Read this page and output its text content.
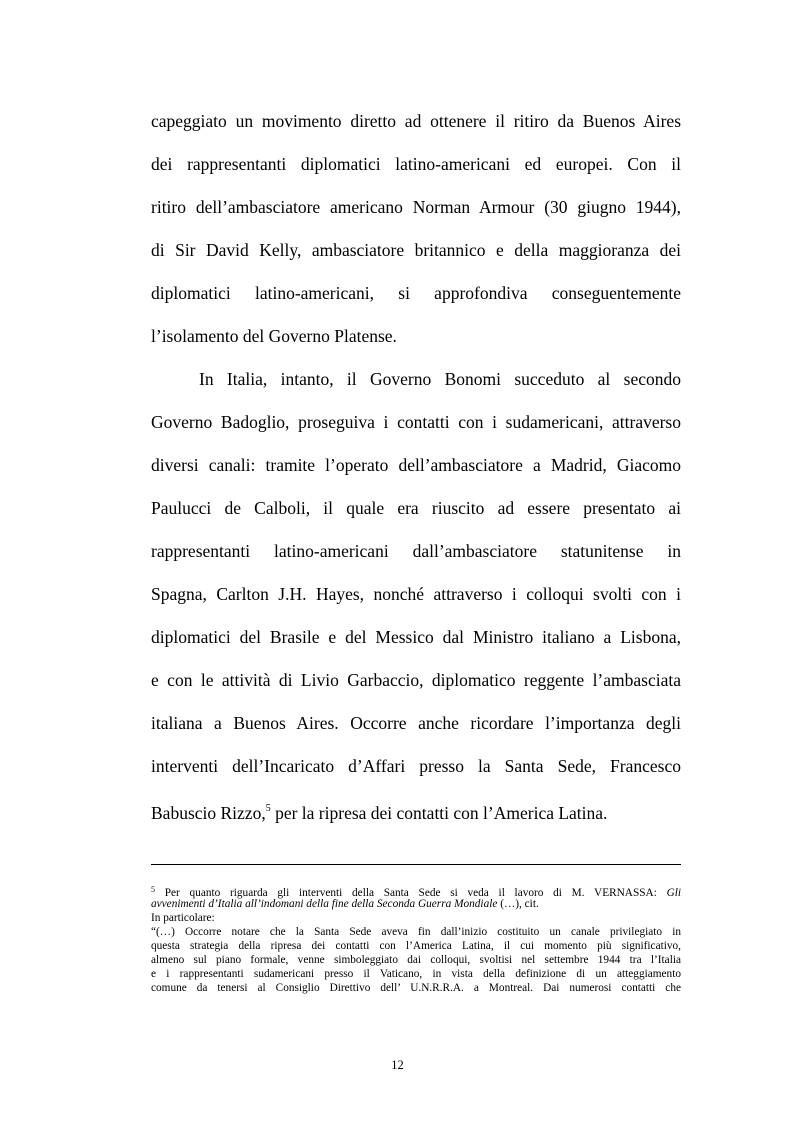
capeggiato un movimento diretto ad ottenere il ritiro da Buenos Aires
dei rappresentanti diplomatici latino-americani ed europei. Con il
ritiro dell’ambasciatore americano Norman Armour (30 giugno 1944),
di Sir David Kelly, ambasciatore britannico e della maggioranza dei
diplomatici latino-americani, si approfondiva conseguentemente
l’isolamento del Governo Platense.
In Italia, intanto, il Governo Bonomi succeduto al secondo
Governo Badoglio, proseguiva i contatti con i sudamericani, attraverso
diversi canali: tramite l’operato dell’ambasciatore a Madrid, Giacomo
Paulucci de Calboli, il quale era riuscito ad essere presentato ai
rappresentanti latino-americani dall’ambasciatore statunitense in
Spagna, Carlton J.H. Hayes, nonché attraverso i colloqui svolti con i
diplomatici del Brasile e del Messico dal Ministro italiano a Lisbona,
e con le attività di Livio Garbaccio, diplomatico reggente l’ambasciata
italiana a Buenos Aires. Occorre anche ricordare l’importanza degli
interventi dell’Incaricato d’Affari presso la Santa Sede, Francesco
Babuscio Rizzo,$^5$ per la ripresa dei contatti con l’America Latina.
$^5$ Per quanto riguarda gli interventi della Santa Sede si veda il lavoro di M. VERNASSA: Gli
avvenimenti d’Italia all’indomani della fine della Seconda Guerra Mondiale (…), cit.
In particolare:
“(…) Occorre notare che la Santa Sede aveva fin dall’inizio costituito un canale privilegiato in
questa strategia della ripresa dei contatti con l’America Latina, il cui momento più significativo,
almeno sul piano formale, venne simboleggiato dai colloqui, svoltisi nel settembre 1944 tra l’Italia
e i rappresentanti sudamericani presso il Vaticano, in vista della definizione di un atteggiamento
comune da tenersi al Consiglio Direttivo dell’ U.N.R.R.A. a Montreal. Dai numerosi contatti che
12
